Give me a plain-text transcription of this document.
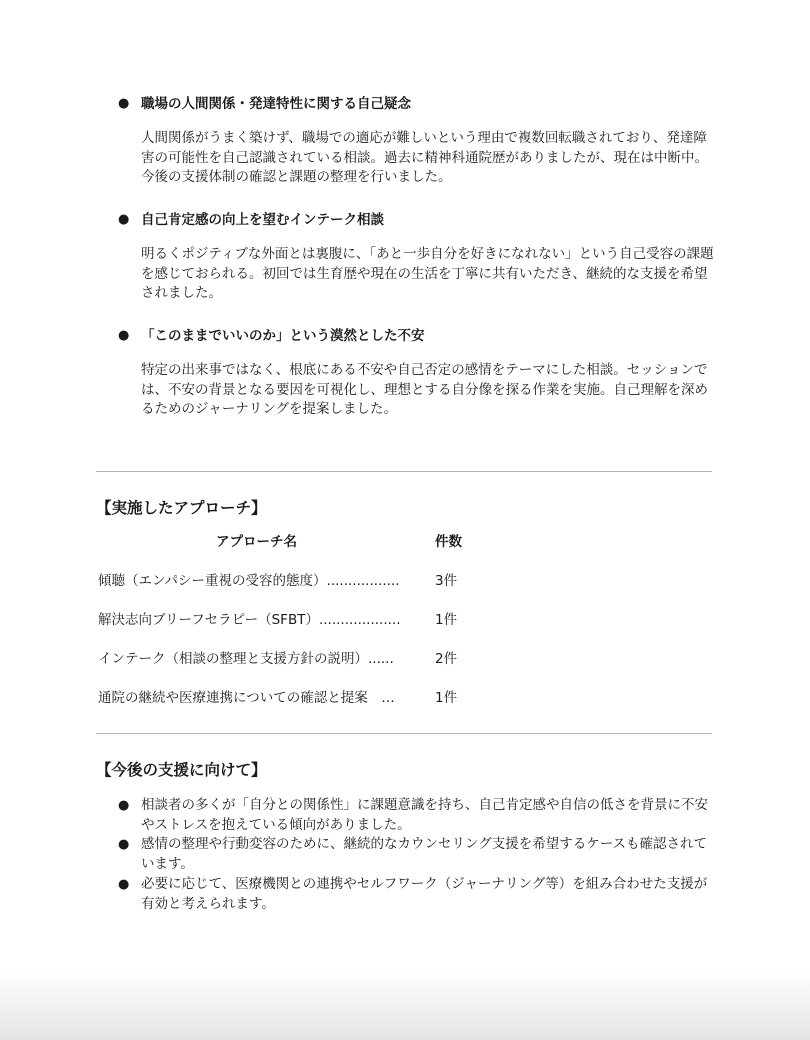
● 職場の人間関係・発達特性に関する自己疑念
人間関係がうまく築けず、職場での適応が難しいという理由で複数回転職されており、発達障害の可能性を自己認識されている相談。過去に精神科通院歴がありましたが、現在は中断中。今後の支援体制の確認と課題の整理を行いました。
● 自己肯定感の向上を望むインテーク相談
明るくポジティブな外面とは裏腹に、「あと一歩自分を好きになれない」という自己受容の課題を感じておられる。初回では生育歴や現在の生活を丁寧に共有いただき、継続的な支援を希望されました。
● 「このままでいいのか」という漠然とした不安
特定の出来事ではなく、根底にある不安や自己否定の感情をテーマにした相談。セッションでは、不安の背景となる要因を可視化し、理想とする自分像を探る作業を実施。自己理解を深めるためのジャーナリングを提案しました。
【実施したアプローチ】
アプローチ名	件数
傾聴（エンパシー重視の受容的態度）.................	3件
解決志向ブリーフセラピー（SFBT）...................	1件
インテーク（相談の整理と支援方針の説明）......	2件
通院の継続や医療連携についての確認と提案　…	1件
【今後の支援に向けて】
● 相談者の多くが「自分との関係性」に課題意識を持ち、自己肯定感や自信の低さを背景に不安やストレスを抱えている傾向がありました。
● 感情の整理や行動変容のために、継続的なカウンセリング支援を希望するケースも確認されています。
● 必要に応じて、医療機関との連携やセルフワーク（ジャーナリング等）を組み合わせた支援が有効と考えられます。
